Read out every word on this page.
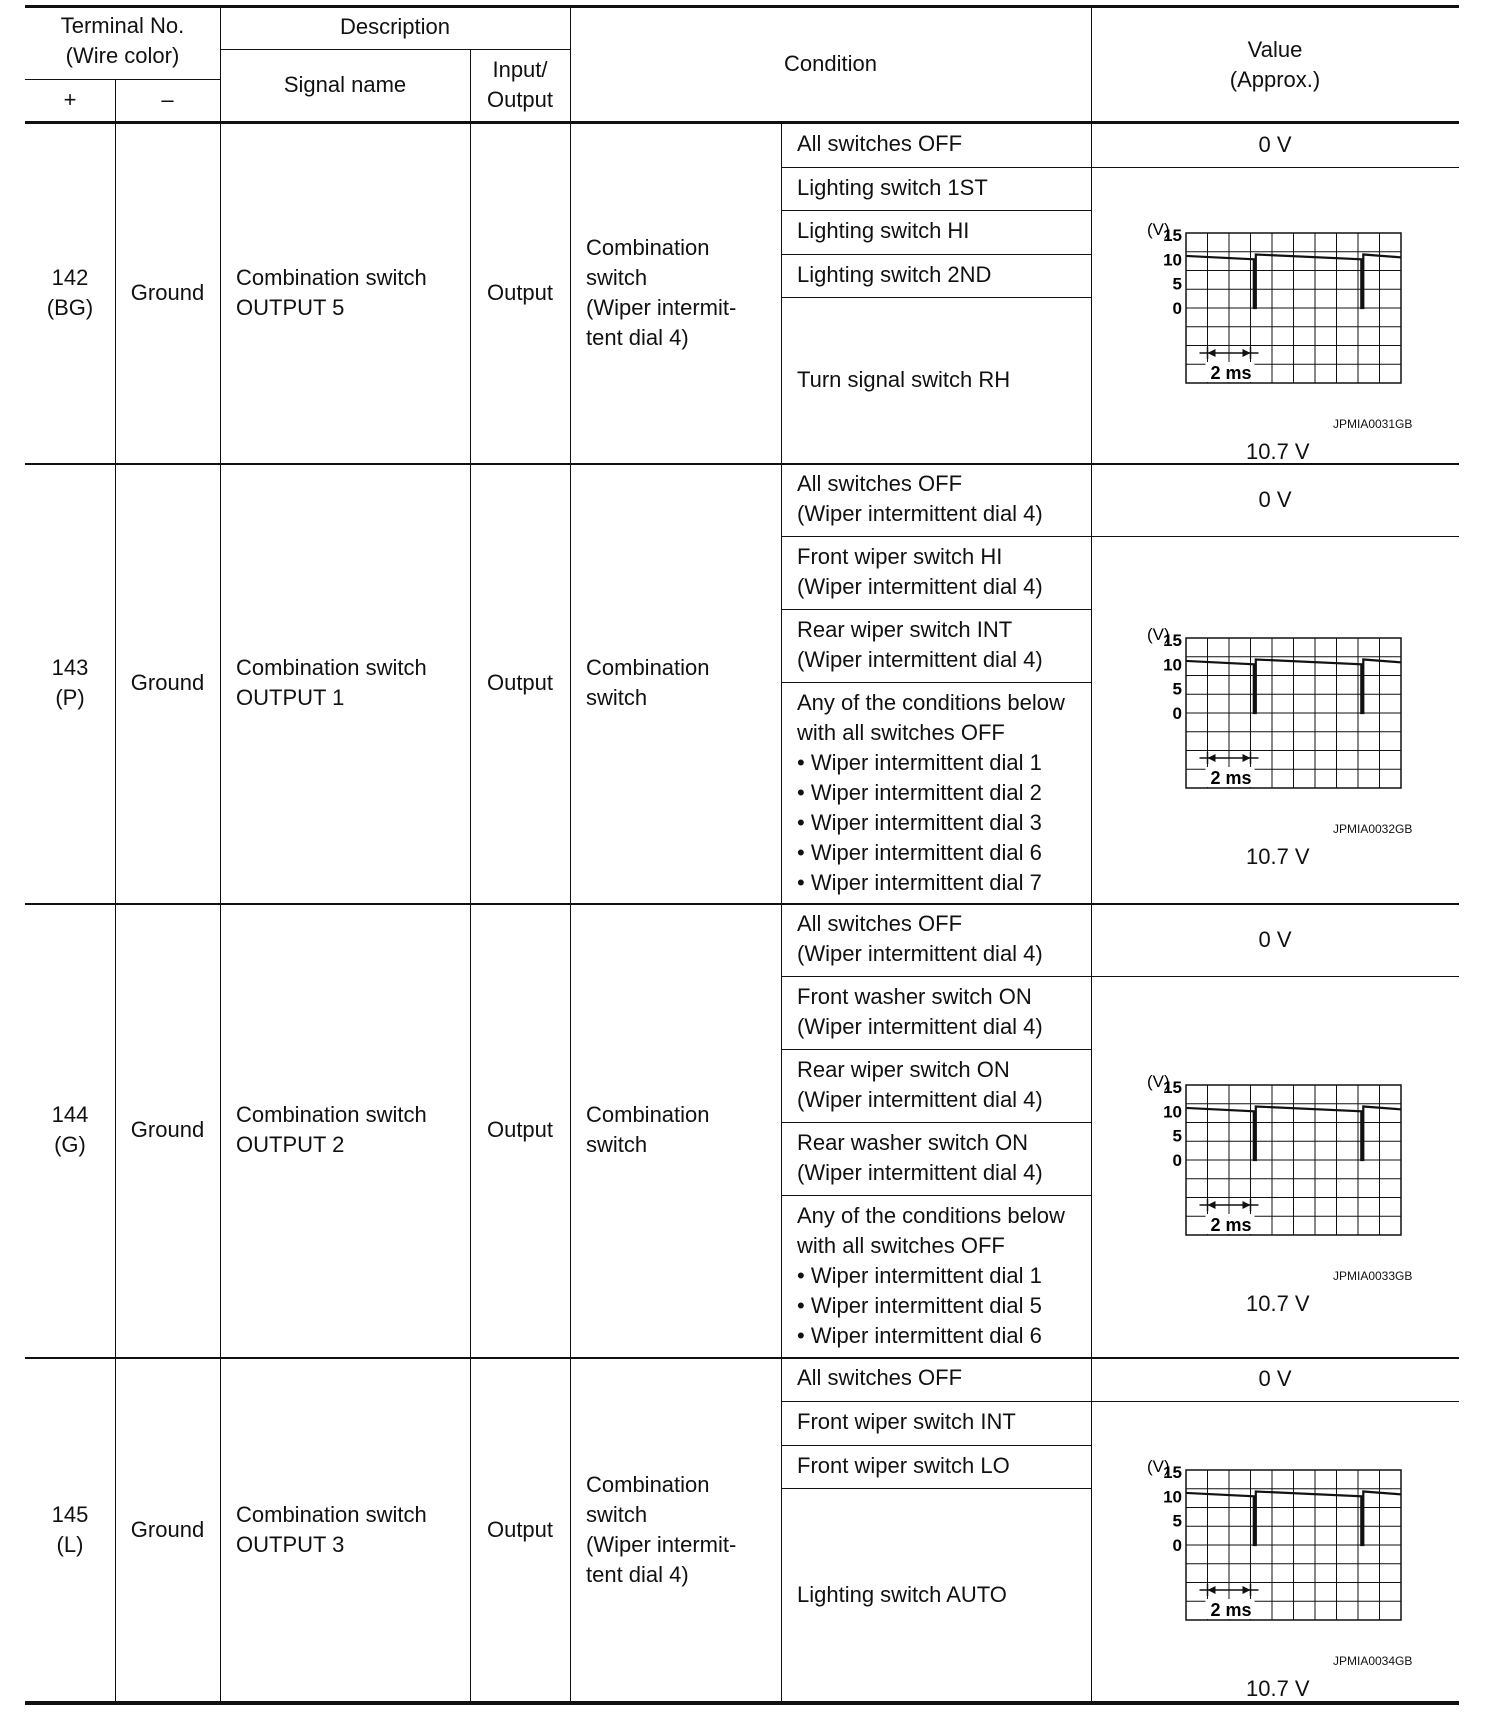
Terminal No.
(Wire color)
+	–
Description
Signal name
Input/
Output
Condition
Value
(Approx.)
142
(BG)
Ground
Combination switch
OUTPUT 5
Output
Combination
switch
(Wiper intermit-
tent dial 4)
All switches OFF
Lighting switch 1ST
Lighting switch HI
Lighting switch 2ND
Turn signal switch RH
0 V
(V)
15
10
5
0
2 ms
JPMIA0031GB
10.7 V
143
(P)
Ground
Combination switch
OUTPUT 1
Output
Combination
switch
All switches OFF
(Wiper intermittent dial 4)
Front wiper switch HI
(Wiper intermittent dial 4)
Rear wiper switch INT
(Wiper intermittent dial 4)
Any of the conditions below
with all switches OFF
• Wiper intermittent dial 1
• Wiper intermittent dial 2
• Wiper intermittent dial 3
• Wiper intermittent dial 6
• Wiper intermittent dial 7
0 V
(V)
15
10
5
0
2 ms
JPMIA0032GB
10.7 V
144
(G)
Ground
Combination switch
OUTPUT 2
Output
Combination
switch
All switches OFF
(Wiper intermittent dial 4)
Front washer switch ON
(Wiper intermittent dial 4)
Rear wiper switch ON
(Wiper intermittent dial 4)
Rear washer switch ON
(Wiper intermittent dial 4)
Any of the conditions below
with all switches OFF
• Wiper intermittent dial 1
• Wiper intermittent dial 5
• Wiper intermittent dial 6
0 V
(V)
15
10
5
0
2 ms
JPMIA0033GB
10.7 V
145
(L)
Ground
Combination switch
OUTPUT 3
Output
Combination
switch
(Wiper intermit-
tent dial 4)
All switches OFF
Front wiper switch INT
Front wiper switch LO
Lighting switch AUTO
0 V
(V)
15
10
5
0
2 ms
JPMIA0034GB
10.7 V
